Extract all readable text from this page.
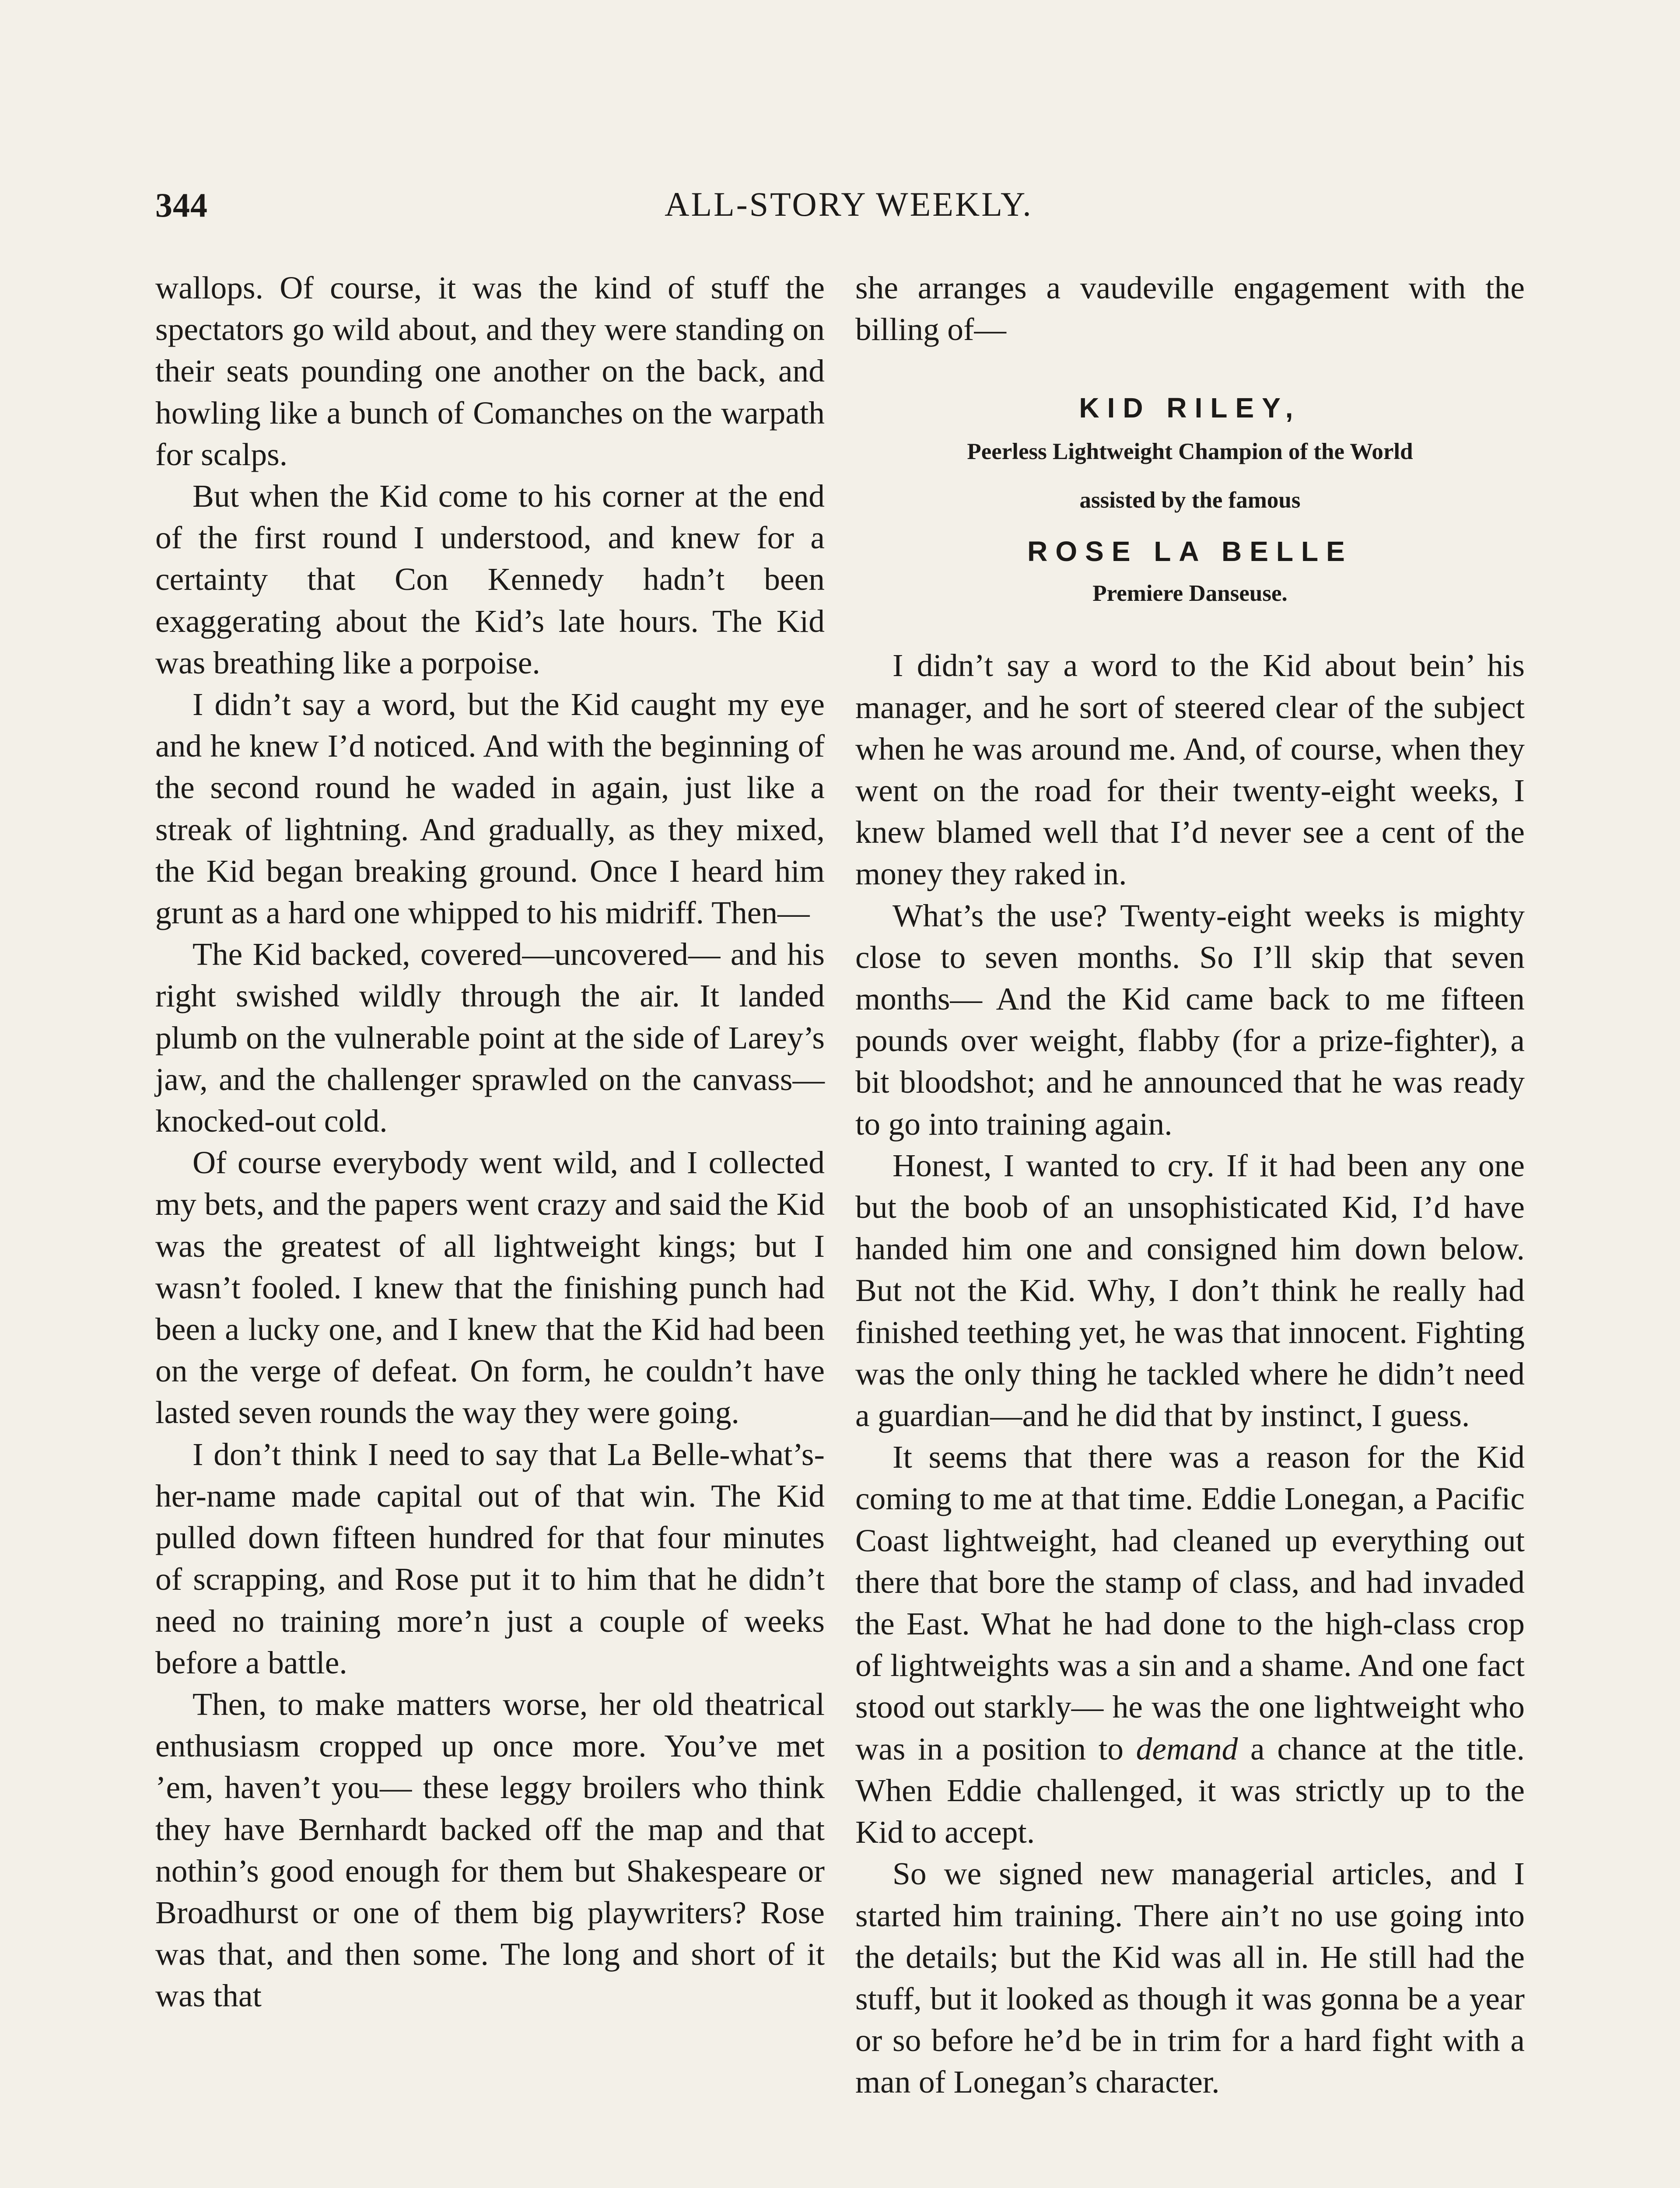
344	ALL-STORY WEEKLY.

wallops. Of course, it was the kind of stuff the spectators go wild about, and they were standing on their seats pounding one another on the back, and howling like a bunch of Comanches on the warpath for scalps.

But when the Kid come to his corner at the end of the first round I understood, and knew for a certainty that Con Kennedy hadn’t been exaggerating about the Kid’s late hours. The Kid was breathing like a porpoise.

I didn’t say a word, but the Kid caught my eye and he knew I’d noticed. And with the beginning of the second round he waded in again, just like a streak of lightning. And gradually, as they mixed, the Kid began breaking ground. Once I heard him grunt as a hard one whipped to his midriff. Then—

The Kid backed, covered—uncovered— and his right swished wildly through the air. It landed plumb on the vulnerable point at the side of Larey’s jaw, and the challenger sprawled on the canvass— knocked-out cold.

Of course everybody went wild, and I collected my bets, and the papers went crazy and said the Kid was the greatest of all lightweight kings; but I wasn’t fooled. I knew that the finishing punch had been a lucky one, and I knew that the Kid had been on the verge of defeat. On form, he couldn’t have lasted seven rounds the way they were going.

I don’t think I need to say that La Belle-what’s-her-name made capital out of that win. The Kid pulled down fifteen hundred for that four minutes of scrapping, and Rose put it to him that he didn’t need no training more’n just a couple of weeks before a battle.

Then, to make matters worse, her old theatrical enthusiasm cropped up once more. You’ve met ’em, haven’t you— these leggy broilers who think they have Bernhardt backed off the map and that nothin’s good enough for them but Shakespeare or Broadhurst or one of them big playwriters? Rose was that, and then some. The long and short of it was that

she arranges a vaudeville engagement with the billing of—

KID RILEY,
Peerless Lightweight Champion of the World
assisted by the famous
ROSE LA BELLE
Premiere Danseuse.

I didn’t say a word to the Kid about bein’ his manager, and he sort of steered clear of the subject when he was around me. And, of course, when they went on the road for their twenty-eight weeks, I knew blamed well that I’d never see a cent of the money they raked in.

What’s the use? Twenty-eight weeks is mighty close to seven months. So I’ll skip that seven months— And the Kid came back to me fifteen pounds over weight, flabby (for a prize-fighter), a bit bloodshot; and he announced that he was ready to go into training again.

Honest, I wanted to cry. If it had been any one but the boob of an unsophisticated Kid, I’d have handed him one and consigned him down below. But not the Kid. Why, I don’t think he really had finished teething yet, he was that innocent. Fighting was the only thing he tackled where he didn’t need a guardian—and he did that by instinct, I guess.

It seems that there was a reason for the Kid coming to me at that time. Eddie Lonegan, a Pacific Coast lightweight, had cleaned up everything out there that bore the stamp of class, and had invaded the East. What he had done to the high-class crop of lightweights was a sin and a shame. And one fact stood out starkly— he was the one lightweight who was in a position to demand a chance at the title. When Eddie challenged, it was strictly up to the Kid to accept.

So we signed new managerial articles, and I started him training. There ain’t no use going into the details; but the Kid was all in. He still had the stuff, but it looked as though it was gonna be a year or so before he’d be in trim for a hard fight with a man of Lonegan’s character.
